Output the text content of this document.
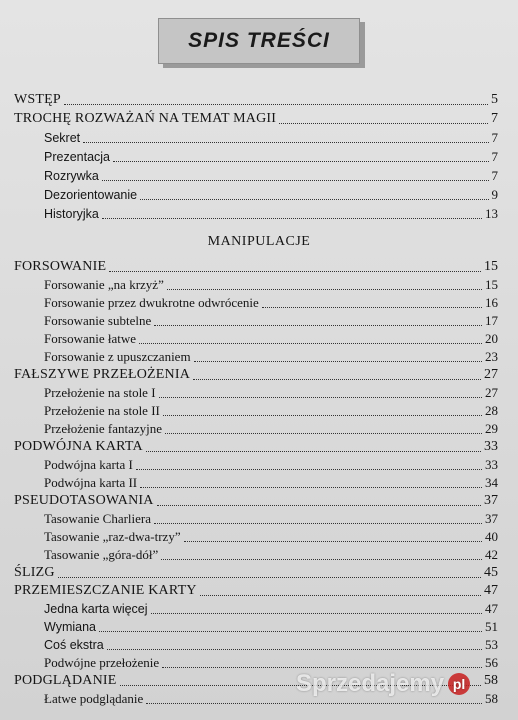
SPIS TREŚCI
WSTĘP	5
TROCHĘ ROZWAŻAŃ NA TEMAT MAGII	7
Sekret	7
Prezentacja	7
Rozrywka	7
Dezorientowanie	9
Historyjka	13
MANIPULACJE
FORSOWANIE	15
Forsowanie „na krzyż”	15
Forsowanie przez dwukrotne odwrócenie	16
Forsowanie subtelne	17
Forsowanie łatwe	20
Forsowanie z upuszczaniem	23
FAŁSZYWE PRZEŁOŻENIA	27
Przełożenie na stole I	27
Przełożenie na stole II	28
Przełożenie fantazyjne	29
PODWÓJNA KARTA	33
Podwójna karta I	33
Podwójna karta II	34
PSEUDOTASOWANIA	37
Tasowanie Charliera	37
Tasowanie „raz-dwa-trzy”	40
Tasowanie „góra-dół”	42
ŚLIZG	45
PRZEMIESZCZANIE KARTY	47
Jedna karta więcej	47
Wymiana	51
Coś ekstra	53
Podwójne przełożenie	56
PODGLĄDANIE	58
Łatwe podglądanie	58
Sprzedajemy pl
